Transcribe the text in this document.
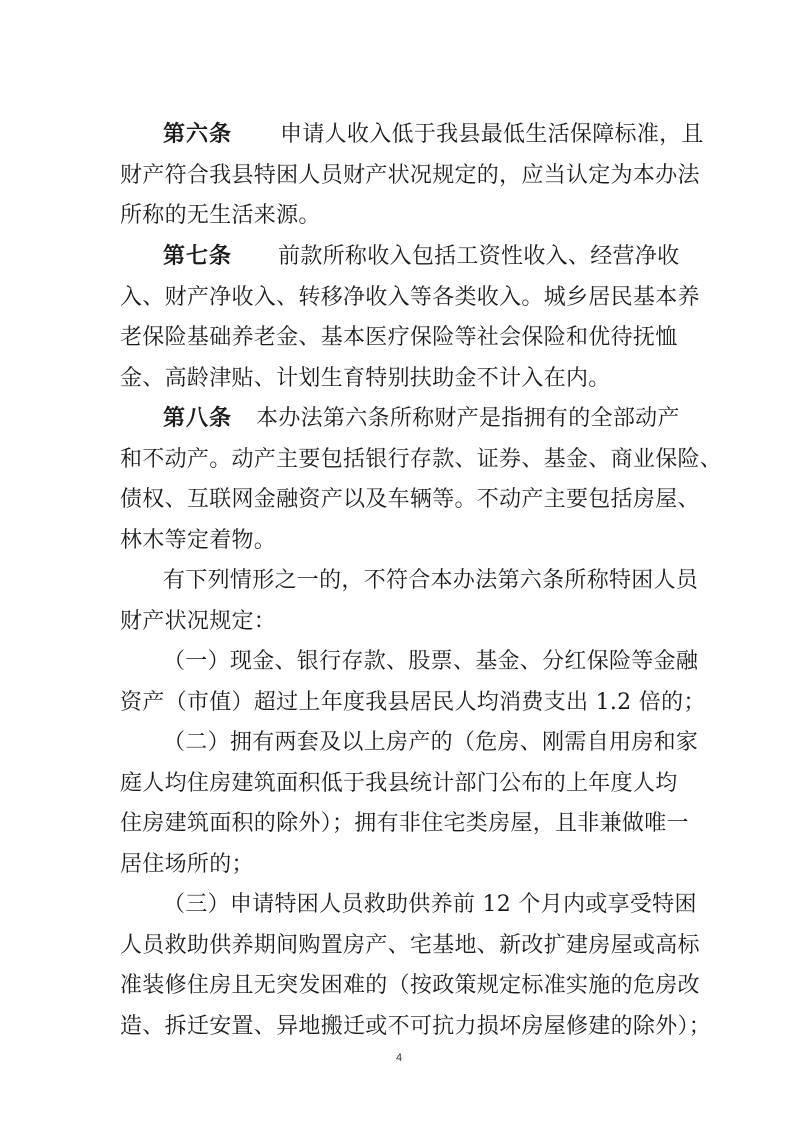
第六条 申请人收入低于我县最低生活保障标准，且
财产符合我县特困人员财产状况规定的，应当认定为本办法
所称的无生活来源。
第七条 前款所称收入包括工资性收入、经营净收
入、财产净收入、转移净收入等各类收入。城乡居民基本养
老保险基础养老金、基本医疗保险等社会保险和优待抚恤
金、高龄津贴、计划生育特别扶助金不计入在内。
第八条 本办法第六条所称财产是指拥有的全部动产
和不动产。动产主要包括银行存款、证券、基金、商业保险、
债权、互联网金融资产以及车辆等。不动产主要包括房屋、
林木等定着物。
有下列情形之一的，不符合本办法第六条所称特困人员
财产状况规定：
（一）现金、银行存款、股票、基金、分红保险等金融
资产（市值）超过上年度我县居民人均消费支出 1.2 倍的；
（二）拥有两套及以上房产的（危房、刚需自用房和家
庭人均住房建筑面积低于我县统计部门公布的上年度人均
住房建筑面积的除外）；拥有非住宅类房屋，且非兼做唯一
居住场所的；
（三）申请特困人员救助供养前 12 个月内或享受特困
人员救助供养期间购置房产、宅基地、新改扩建房屋或高标
准装修住房且无突发困难的（按政策规定标准实施的危房改
造、拆迁安置、异地搬迁或不可抗力损坏房屋修建的除外）；
4
